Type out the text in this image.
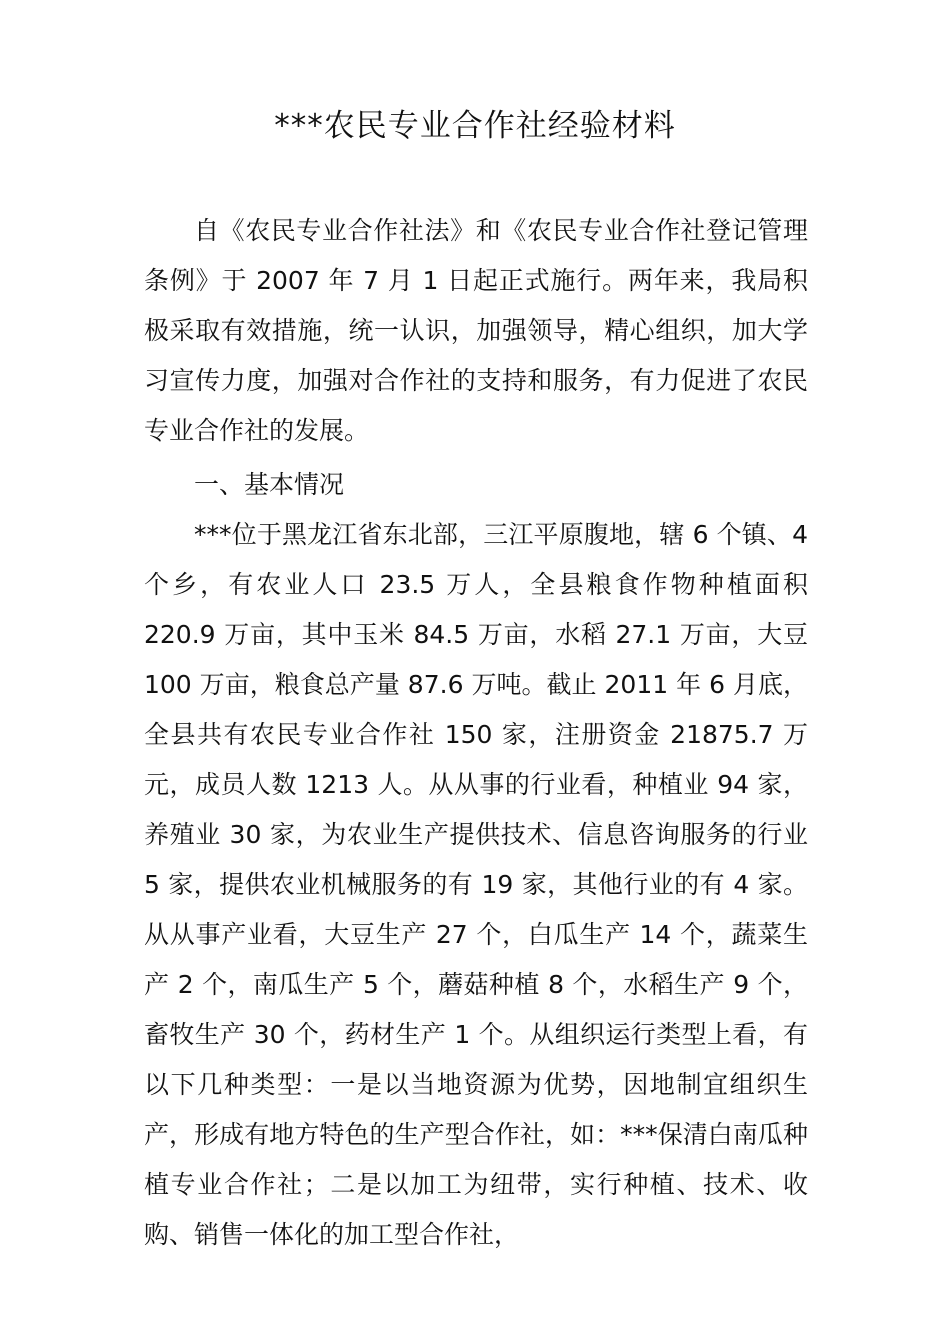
***农民专业合作社经验材料

自《农民专业合作社法》和《农民专业合作社登记管理条例》于 2007 年 7 月 1 日起正式施行。两年来，我局积极采取有效措施，统一认识，加强领导，精心组织，加大学习宣传力度，加强对合作社的支持和服务，有力促进了农民专业合作社的发展。

一、基本情况

***位于黑龙江省东北部，三江平原腹地，辖 6 个镇、4 个乡，有农业人口 23.5 万人，全县粮食作物种植面积 220.9 万亩，其中玉米 84.5 万亩，水稻 27.1 万亩，大豆 100 万亩，粮食总产量 87.6 万吨。截止 2011 年 6 月底，全县共有农民专业合作社 150 家，注册资金 21875.7 万元，成员人数 1213 人。从从事的行业看，种植业 94 家，养殖业 30 家，为农业生产提供技术、信息咨询服务的行业 5 家，提供农业机械服务的有 19 家，其他行业的有 4 家。从从事产业看，大豆生产 27 个，白瓜生产 14 个，蔬菜生产 2 个，南瓜生产 5 个，蘑菇种植 8 个，水稻生产 9 个，畜牧生产 30 个，药材生产 1 个。从组织运行类型上看，有以下几种类型：一是以当地资源为优势，因地制宜组织生产，形成有地方特色的生产型合作社，如：***保清白南瓜种植专业合作社；二是以加工为纽带，实行种植、技术、收购、销售一体化的加工型合作社，
